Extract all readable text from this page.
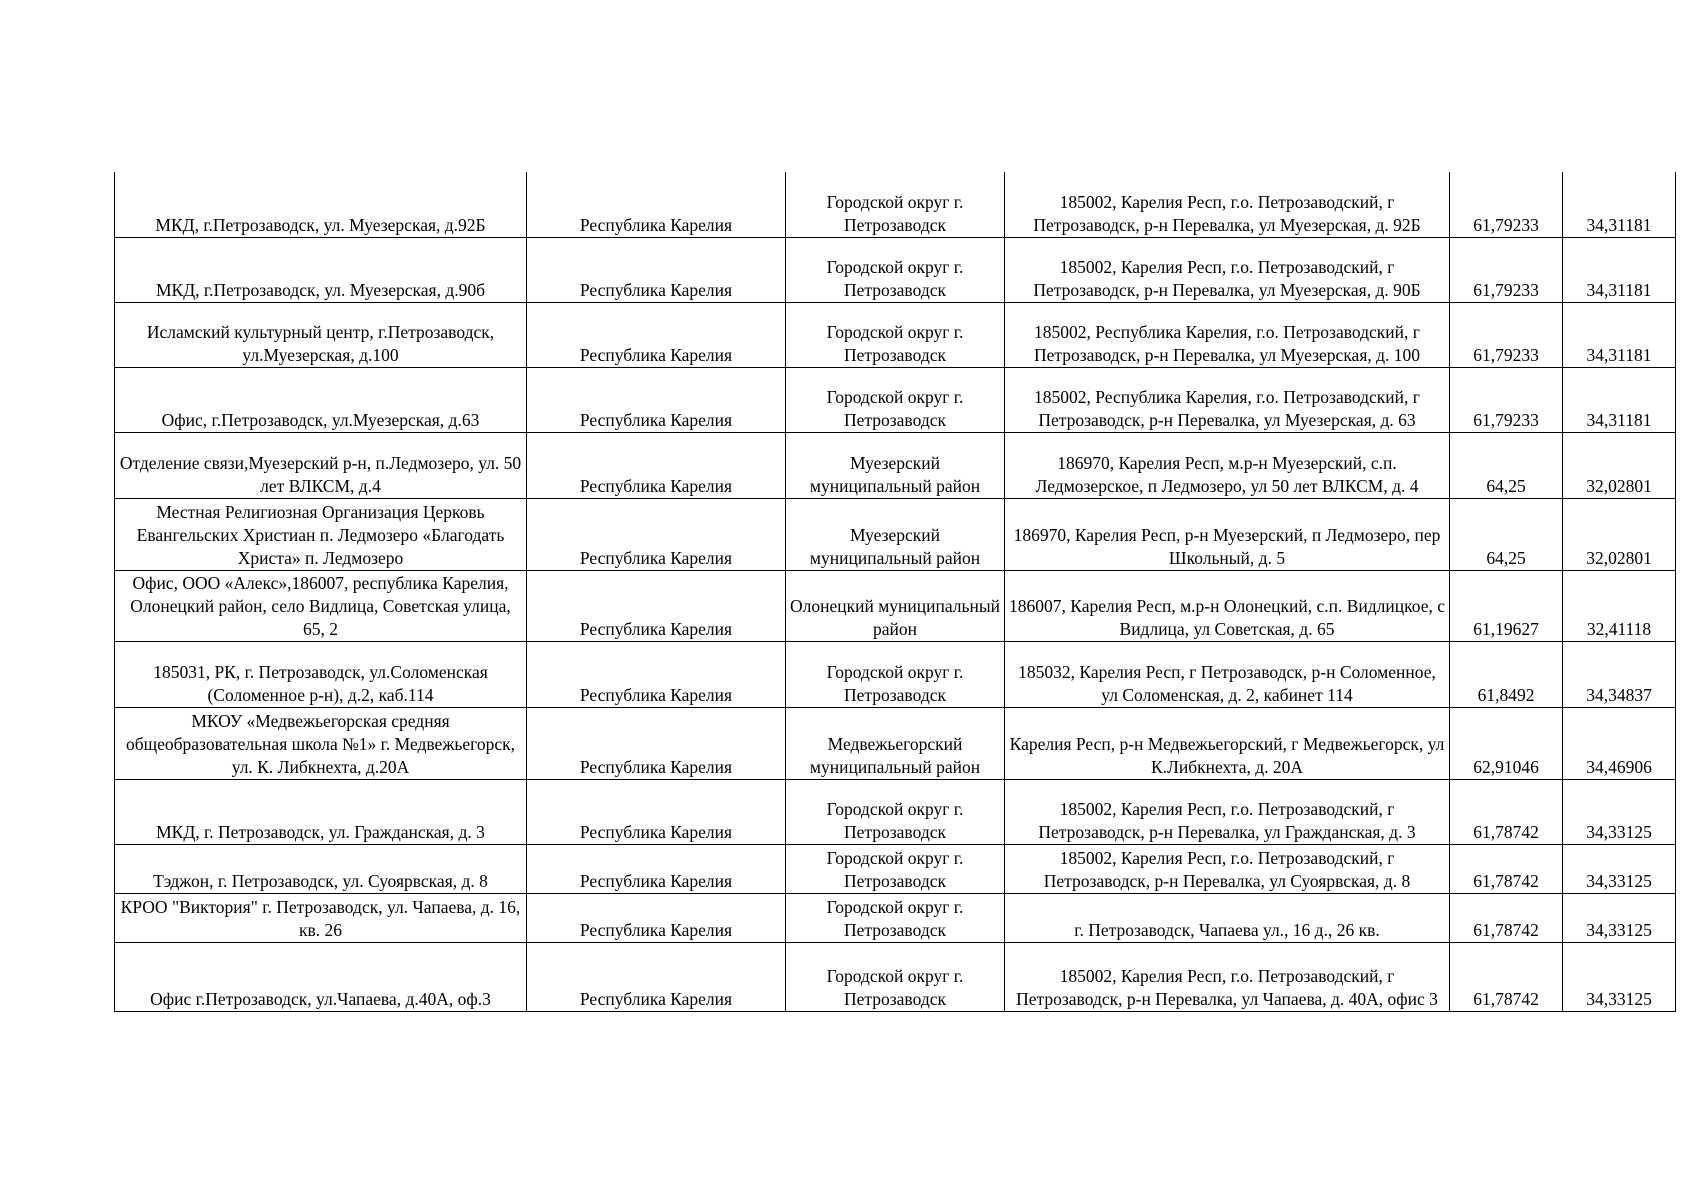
МКД, г.Петрозаводск, ул. Муезерская, д.92Б	Республика Карелия	Городской округ г. Петрозаводск	185002, Карелия Респ, г.о. Петрозаводский, г Петрозаводск, р-н Перевалка, ул Муезерская, д. 92Б	61,79233	34,31181
МКД, г.Петрозаводск, ул. Муезерская, д.90б	Республика Карелия	Городской округ г. Петрозаводск	185002, Карелия Респ, г.о. Петрозаводский, г Петрозаводск, р-н Перевалка, ул Муезерская, д. 90Б	61,79233	34,31181
Исламский культурный центр, г.Петрозаводск, ул.Муезерская, д.100	Республика Карелия	Городской округ г. Петрозаводск	185002, Республика Карелия, г.о. Петрозаводский, г Петрозаводск, р-н Перевалка, ул Муезерская, д. 100	61,79233	34,31181
Офис, г.Петрозаводск, ул.Муезерская, д.63	Республика Карелия	Городской округ г. Петрозаводск	185002, Республика Карелия, г.о. Петрозаводский, г Петрозаводск, р-н Перевалка, ул Муезерская, д. 63	61,79233	34,31181
Отделение связи,Муезерский р-н, п.Ледмозеро, ул. 50 лет ВЛКСМ, д.4	Республика Карелия	Муезерский муниципальный район	186970, Карелия Респ, м.р-н Муезерский, с.п. Ледмозерское, п Ледмозеро, ул 50 лет ВЛКСМ, д. 4	64,25	32,02801
Местная Религиозная Организация Церковь Евангельских Христиан п. Ледмозеро «Благодать Христа» п. Ледмозеро	Республика Карелия	Муезерский муниципальный район	186970, Карелия Респ, р-н Муезерский, п Ледмозеро, пер Школьный, д. 5	64,25	32,02801
Офис, ООО «Алекс»,186007, республика Карелия, Олонецкий район, село Видлица, Советская улица, 65, 2	Республика Карелия	Олонецкий муниципальный район	186007, Карелия Респ, м.р-н Олонецкий, с.п. Видлицкое, с Видлица, ул Советская, д. 65	61,19627	32,41118
185031, РК, г. Петрозаводск, ул.Соломенская (Соломенное р-н), д.2, каб.114	Республика Карелия	Городской округ г. Петрозаводск	185032, Карелия Респ, г Петрозаводск, р-н Соломенное, ул Соломенская, д. 2, кабинет 114	61,8492	34,34837
МКОУ «Медвежьегорская средняя общеобразовательная школа №1» г. Медвежьегорск, ул. К. Либкнехта, д.20А	Республика Карелия	Медвежьегорский муниципальный район	Карелия Респ, р-н Медвежьегорский, г Медвежьегорск, ул К.Либкнехта, д. 20А	62,91046	34,46906
МКД, г. Петрозаводск, ул. Гражданская, д. 3	Республика Карелия	Городской округ г. Петрозаводск	185002, Карелия Респ, г.о. Петрозаводский, г Петрозаводск, р-н Перевалка, ул Гражданская, д. 3	61,78742	34,33125
Тэджон, г. Петрозаводск, ул. Суоярвская, д. 8	Республика Карелия	Городской округ г. Петрозаводск	185002, Карелия Респ, г.о. Петрозаводский, г Петрозаводск, р-н Перевалка, ул Суоярвская, д. 8	61,78742	34,33125
КРОО "Виктория" г. Петрозаводск, ул. Чапаева, д. 16, кв. 26	Республика Карелия	Городской округ г. Петрозаводск	г. Петрозаводск, Чапаева ул., 16 д., 26 кв.	61,78742	34,33125
Офис г.Петрозаводск, ул.Чапаева, д.40А, оф.3	Республика Карелия	Городской округ г. Петрозаводск	185002, Карелия Респ, г.о. Петрозаводский, г Петрозаводск, р-н Перевалка, ул Чапаева, д. 40А, офис 3	61,78742	34,33125
